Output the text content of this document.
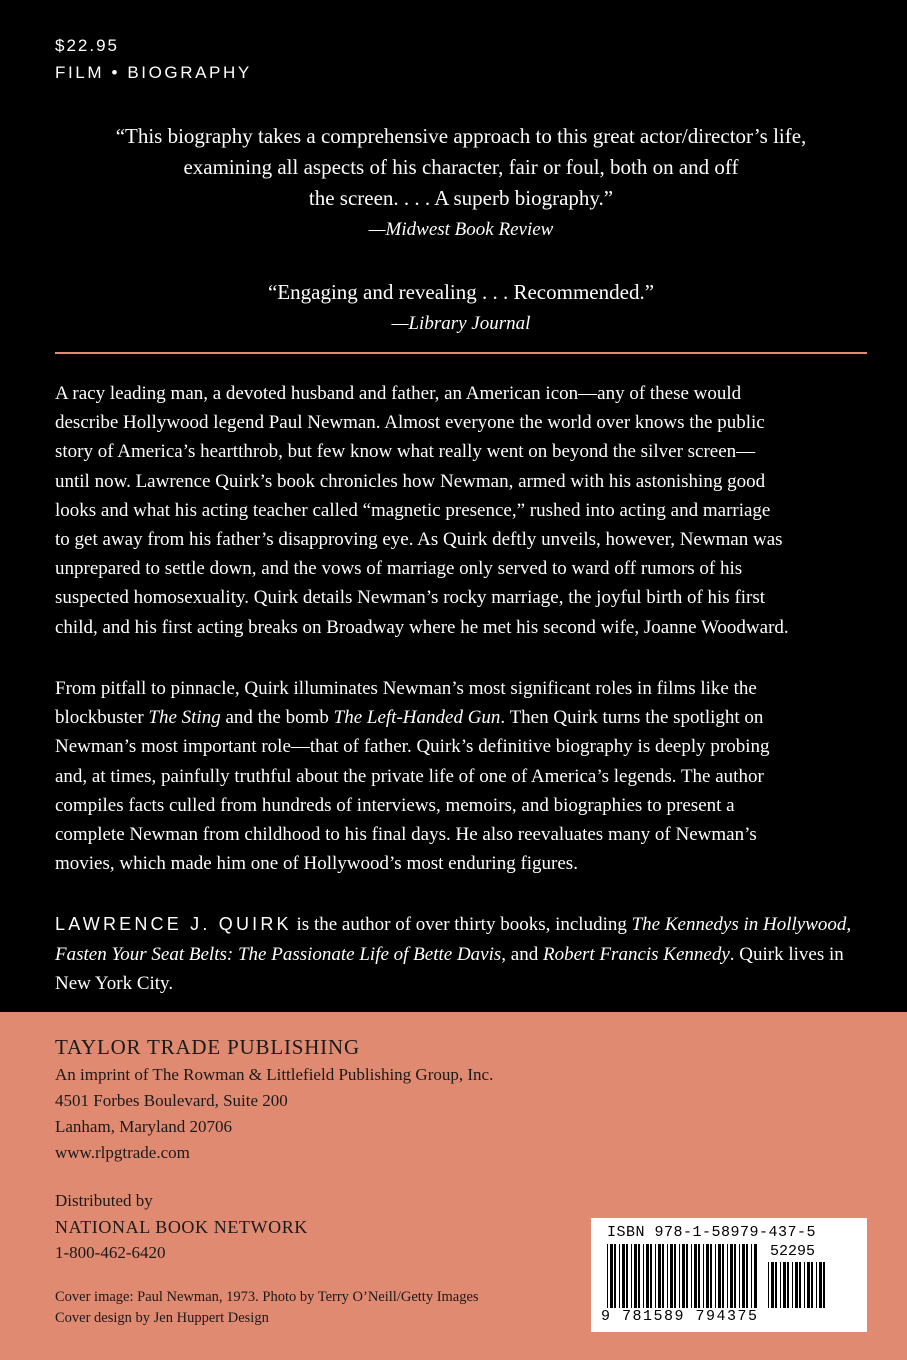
$22.95
FILM • BIOGRAPHY
“This biography takes a comprehensive approach to this great actor/director’s life,
examining all aspects of his character, fair or foul, both on and off
the screen. . . . A superb biography.”
—Midwest Book Review
“Engaging and revealing . . . Recommended.”
—Library Journal
A racy leading man, a devoted husband and father, an American icon—any of these would
describe Hollywood legend Paul Newman. Almost everyone the world over knows the public
story of America’s heartthrob, but few know what really went on beyond the silver screen—
until now. Lawrence Quirk’s book chronicles how Newman, armed with his astonishing good
looks and what his acting teacher called “magnetic presence,” rushed into acting and marriage
to get away from his father’s disapproving eye. As Quirk deftly unveils, however, Newman was
unprepared to settle down, and the vows of marriage only served to ward off rumors of his
suspected homosexuality. Quirk details Newman’s rocky marriage, the joyful birth of his first
child, and his first acting breaks on Broadway where he met his second wife, Joanne Woodward.
From pitfall to pinnacle, Quirk illuminates Newman’s most significant roles in films like the
blockbuster The Sting and the bomb The Left-Handed Gun. Then Quirk turns the spotlight on
Newman’s most important role—that of father. Quirk’s definitive biography is deeply probing
and, at times, painfully truthful about the private life of one of America’s legends. The author
compiles facts culled from hundreds of interviews, memoirs, and biographies to present a
complete Newman from childhood to his final days. He also reevaluates many of Newman’s
movies, which made him one of Hollywood’s most enduring figures.
LAWRENCE J. QUIRK is the author of over thirty books, including The Kennedys in Hollywood, Fasten Your Seat Belts: The Passionate Life of Bette Davis, and Robert Francis Kennedy. Quirk lives in New York City.
TAYLOR TRADE PUBLISHING
An imprint of The Rowman & Littlefield Publishing Group, Inc.
4501 Forbes Boulevard, Suite 200
Lanham, Maryland 20706
www.rlpgtrade.com
Distributed by
NATIONAL BOOK NETWORK
1-800-462-6420
Cover image: Paul Newman, 1973. Photo by Terry O’Neill/Getty Images
Cover design by Jen Huppert Design
ISBN 978-1-58979-437-5
52295
9 781589 794375
